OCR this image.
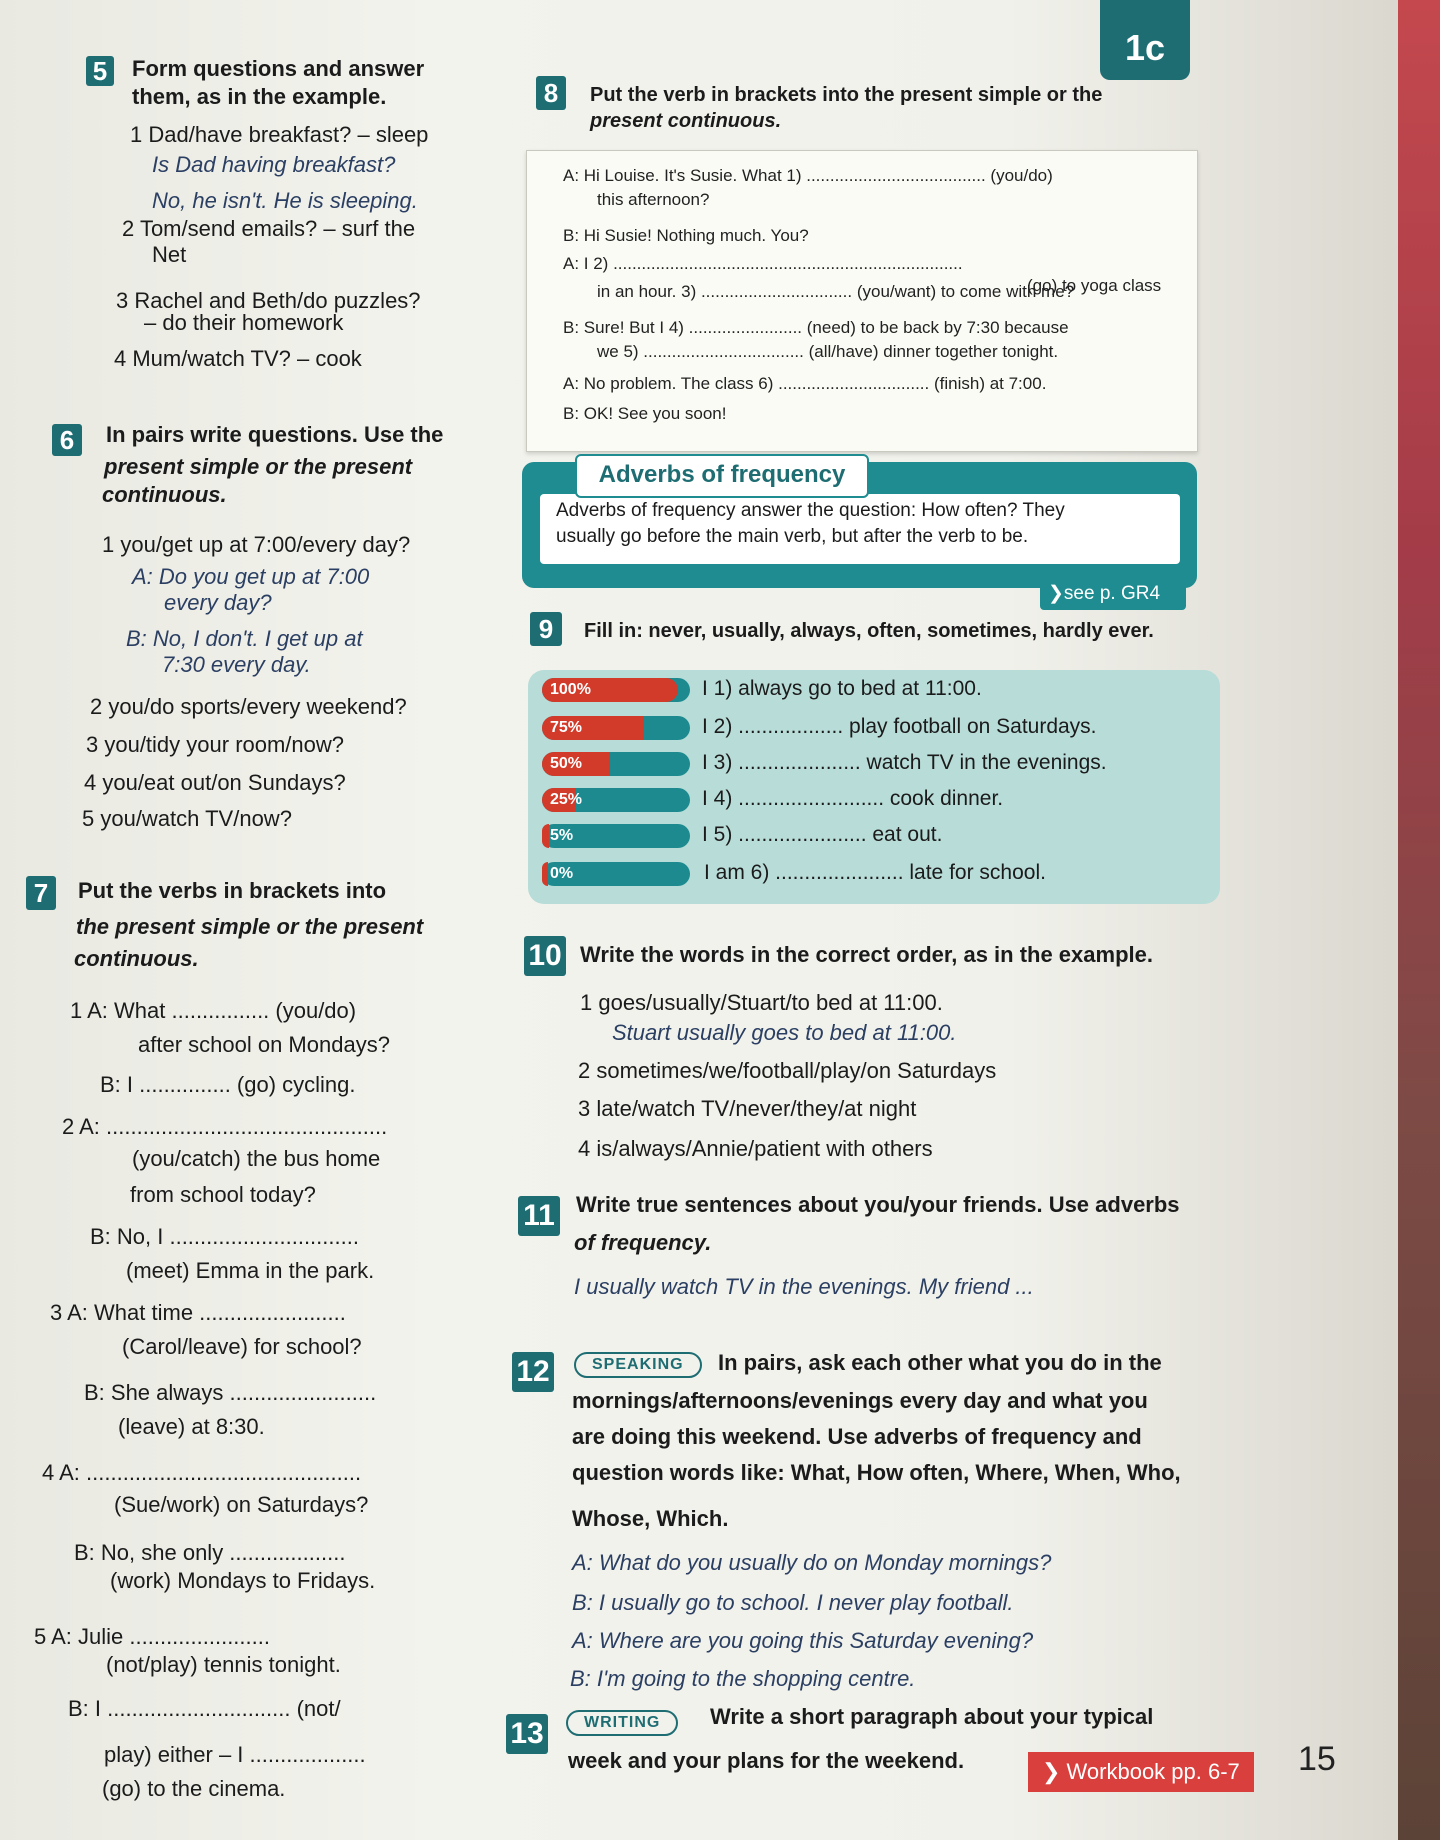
1c
5	Form questions and answer
them, as in the example.
1 Dad/have breakfast? – sleep
Is Dad having breakfast?
No, he isn't. He is sleeping.
2 Tom/send emails? – surf the
Net
3 Rachel and Beth/do puzzles?
– do their homework
4 Mum/watch TV? – cook
8	Put the verb in brackets into the present simple or the
present continuous.
A: Hi Louise. It's Susie. What 1) ...................................... (you/do)
this afternoon?
B: Hi Susie! Nothing much. You?
A: I 2) ..........................................................................
(go) to yoga class
in an hour. 3) ................................ (you/want) to come with me?
B: Sure! But I 4) ........................ (need) to be back by 7:30 because
we 5) .................................. (all/have) dinner together tonight.
A: No problem. The class 6) ................................ (finish) at 7:00.
B: OK! See you soon!
Adverbs of frequency answer the question: How often? They
usually go before the main verb, but after the verb to be.
Adverbs of frequency
❯see p. GR4
6	In pairs write questions. Use the
present simple or the present
continuous.
1 you/get up at 7:00/every day?
A: Do you get up at 7:00
every day?
B: No, I don't. I get up at
7:30 every day.
2 you/do sports/every weekend?
3 you/tidy your room/now?
4 you/eat out/on Sundays?
5 you/watch TV/now?
9	Fill in: never, usually, always, often, sometimes, hardly ever.
100%	I 1) always go to bed at 11:00.
75%	I 2) .................. play football on Saturdays.
50%	I 3) ..................... watch TV in the evenings.
25%	I 4) ......................... cook dinner.
5%	I 5) ...................... eat out.
0%	I am 6) ...................... late for school.
7	Put the verbs in brackets into
the present simple or the present
continuous.
1 A: What ................ (you/do)
after school on Mondays?
B: I ............... (go) cycling.
2 A: ..............................................
(you/catch) the bus home
from school today?
B: No, I ...............................
(meet) Emma in the park.
3 A: What time ........................
(Carol/leave) for school?
B: She always ........................
(leave) at 8:30.
4 A: .............................................
(Sue/work) on Saturdays?
B: No, she only ...................
(work) Mondays to Fridays.
5 A: Julie .......................
(not/play) tennis tonight.
B: I .............................. (not/
play) either – I ...................
(go) to the cinema.
10 Write the words in the correct order, as in the example.
1 goes/usually/Stuart/to bed at 11:00.
Stuart usually goes to bed at 11:00.
2 sometimes/we/football/play/on Saturdays
3 late/watch TV/never/they/at night
4 is/always/Annie/patient with others
11 Write true sentences about you/your friends. Use adverbs
of frequency.
I usually watch TV in the evenings. My friend ...
12	SPEAKING	In pairs, ask each other what you do in the
mornings/afternoons/evenings every day and what you
are doing this weekend. Use adverbs of frequency and
question words like: What, How often, Where, When, Who,
Whose, Which.
A: What do you usually do on Monday mornings?
B: I usually go to school. I never play football.
A: Where are you going this Saturday evening?
B: I'm going to the shopping centre.
13	WRITING	Write a short paragraph about your typical
week and your plans for the weekend.	❯ Workbook pp. 6-7	15
